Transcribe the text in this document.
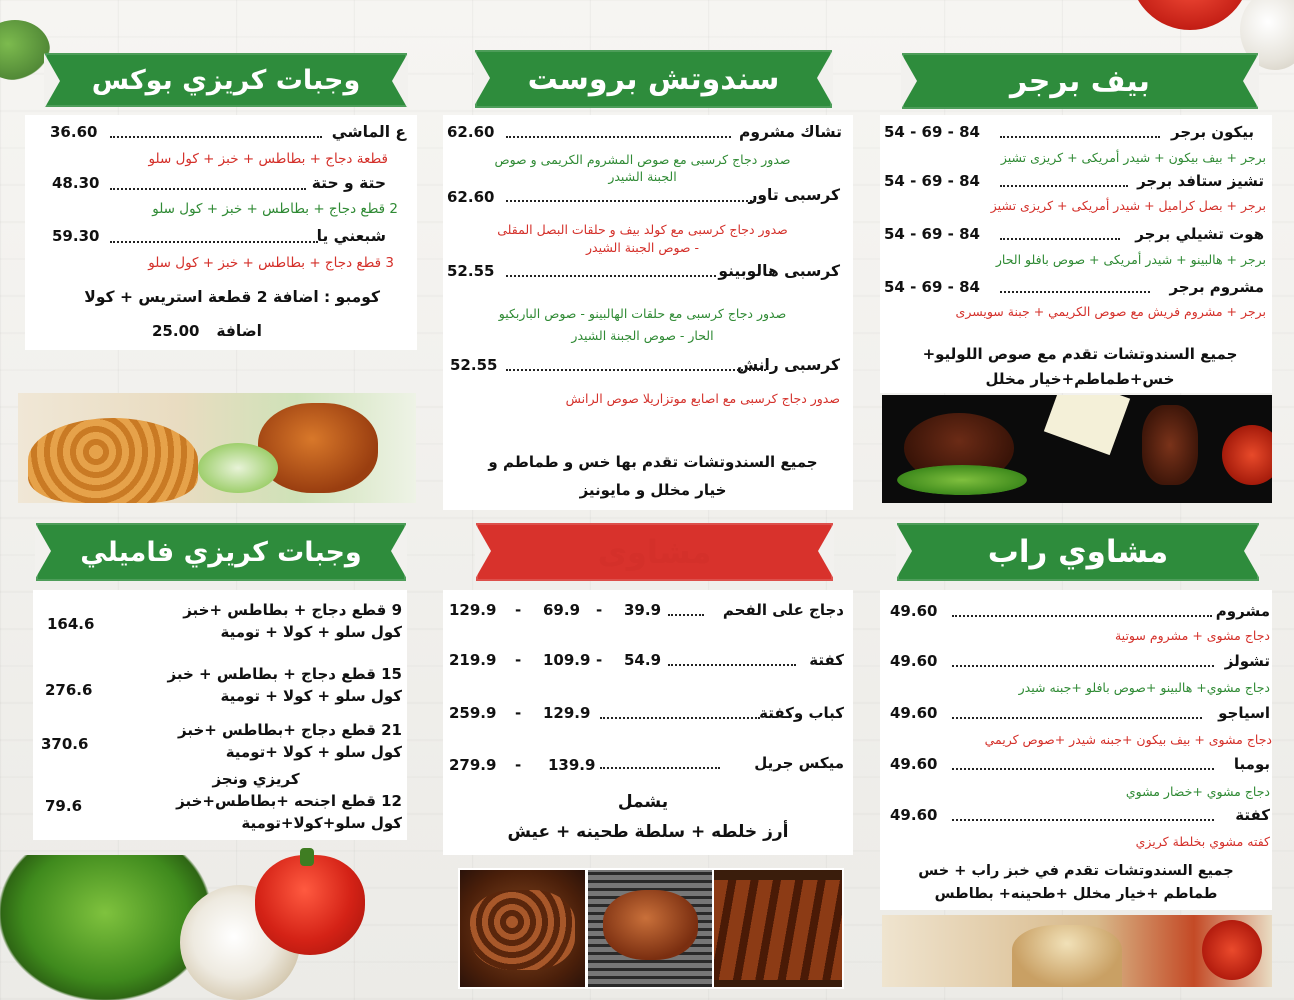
بيف برجر
بيكون برجر
54 - 69 - 84
برجر + بيف بيكون + شيدر أمريكى + كريزى تشيز
تشيز ستافد برجر
54 - 69 - 84
برجر + بصل كراميل + شيدر أمريكى + كريزى تشيز
هوت تشيلي برجر
54 - 69 - 84
برجر + هالبينو + شيدر أمريكى + صوص بافلو الحار
مشروم برجر
54 - 69 - 84
برجر + مشروم فريش مع صوص الكريمي + جبنة سويسرى
جميع السندوتشات تقدم مع صوص اللوليو+
خس+طماطم+خيار مخلل
مشاوي راب
مشروم
49.60
دجاج مشوى + مشروم سوتية
تشولز
49.60
دجاج مشوي+ هالبينو +صوص بافلو +جبنه شيدر
اسياجو
49.60
دجاج مشوى + بيف بيكون +جبنه شيدر +صوص كريمي
بومبا
49.60
دجاج مشوي +خضار مشوي
كفتة
49.60
كفته مشوي بخلطة كريزي
جميع السندوتشات تقدم في خبز راب + خس
طماطم +خيار مخلل +طحينه+ بطاطس
سندوتش بروست
تشاك مشروم
62.60
صدور دجاج كرسبى مع صوص المشروم الكريمى و صوص
الجبنة الشيدر
كرسبى تاور
62.60
صدور دجاج كرسبى مع كولد بيف و حلقات البصل المقلى
- صوص الجبنة الشيدر
كرسبى هالوبينو
52.55
صدور دجاج كرسبى مع حلقات الهالبينو - صوص الباربكيو
الحار - صوص الجبنة الشيدر
كرسبى رانش
52.55
صدور دجاج كرسبى مع اصابع موتزاريلا صوص الرانش
جميع السندوتشات تقدم بها خس و طماطم و
خيار مخلل و مايونيز
مشاوى
دجاج على الفحم
39.9
-
69.9
-
129.9
كفتة
54.9
-
109.9
-
219.9
كباب وكفتة
129.9
-
259.9
ميكس جريل
139.9
-
279.9
يشمل
أرز خلطه + سلطة طحينه + عيش
وجبات كريزي بوكس
ع الماشي
36.60
قطعة دجاج + بطاطس + خبز + كول سلو
حتة و حتة
48.30
2 قطع دجاج + بطاطس + خبز + كول سلو
شبعني يا
59.30
3 قطع دجاج + بطاطس + خبز + كول سلو
كومبو : اضافة 2 قطعة استريس + كولا
اضافة
25.00
وجبات كريزي فاميلي
9 قطع دجاج + بطاطس +خبز
كول سلو + كولا + تومية
164.6
15 قطع دجاج + بطاطس + خبز
كول سلو + كولا + تومية
276.6
21 قطع دجاج +بطاطس +خبز
كول سلو + كولا +تومية
370.6
كريزي ونجز
12 قطع اجنحه +بطاطس+خبز
كول سلو+كولا+تومية
79.6
